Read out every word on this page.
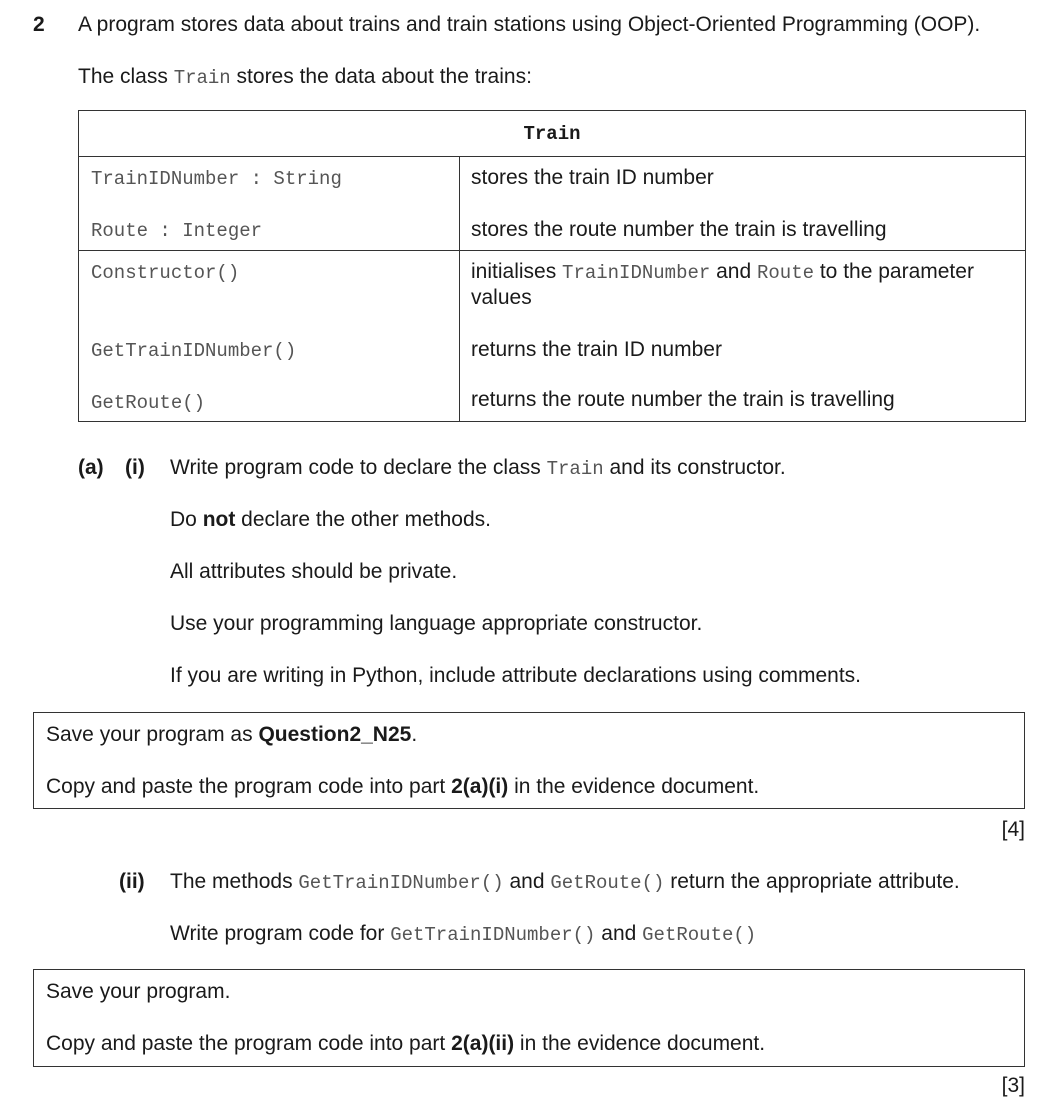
2 A program stores data about trains and train stations using Object-Oriented Programming (OOP).
The class Train stores the data about the trains:
Train
TrainIDNumber : String	stores the train ID number
Route : Integer	stores the route number the train is travelling
Constructor()	initialises TrainIDNumber and Route to the parameter
values
GetTrainIDNumber()	returns the train ID number
GetRoute()	returns the route number the train is travelling
(a) (i) Write program code to declare the class Train and its constructor.
Do not declare the other methods.
All attributes should be private.
Use your programming language appropriate constructor.
If you are writing in Python, include attribute declarations using comments.
Save your program as Question2_N25.
Copy and paste the program code into part 2(a)(i) in the evidence document.
[4]
(ii) The methods GetTrainIDNumber() and GetRoute() return the appropriate attribute.
Write program code for GetTrainIDNumber() and GetRoute()
Save your program.
Copy and paste the program code into part 2(a)(ii) in the evidence document.
[3]
